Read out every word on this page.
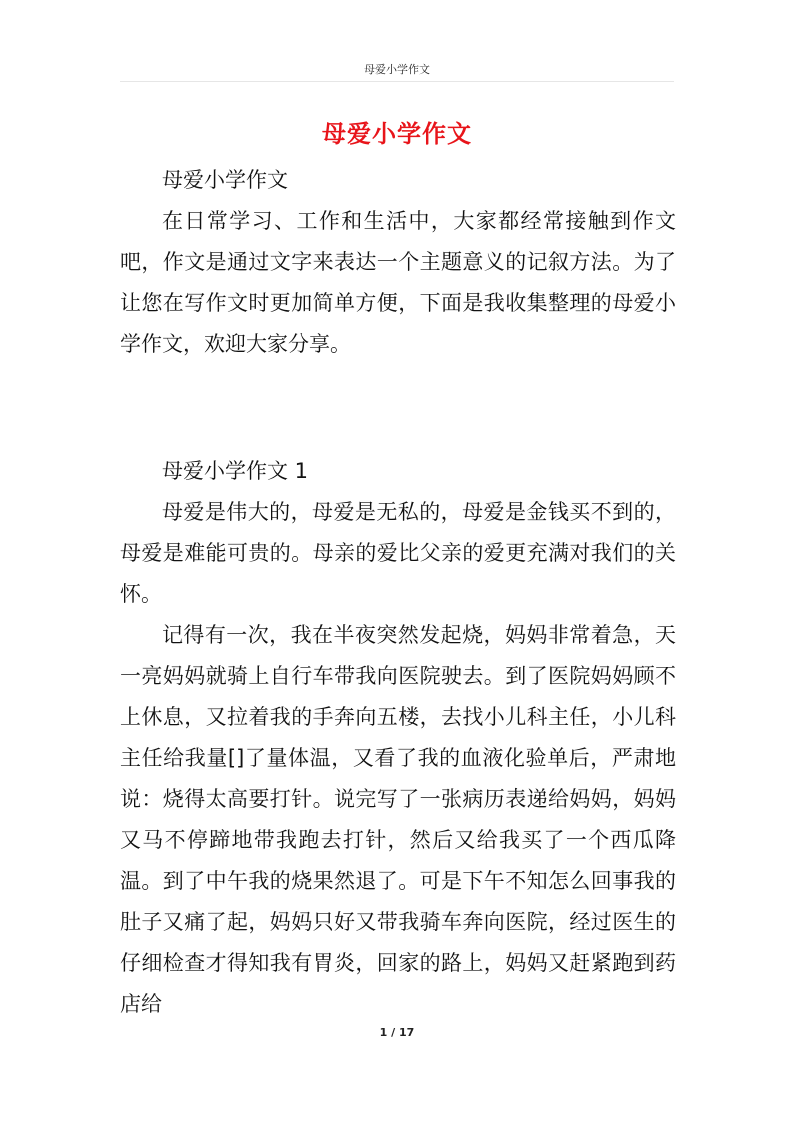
母爱小学作文
母爱小学作文

母爱小学作文

在日常学习、工作和生活中，大家都经常接触到作文吧，作文是通过文字来表达一个主题意义的记叙方法。为了让您在写作文时更加简单方便，下面是我收集整理的母爱小学作文，欢迎大家分享。

母爱小学作文 1

母爱是伟大的，母爱是无私的，母爱是金钱买不到的，母爱是难能可贵的。母亲的爱比父亲的爱更充满对我们的关怀。

记得有一次，我在半夜突然发起烧，妈妈非常着急，天一亮妈妈就骑上自行车带我向医院驶去。到了医院妈妈顾不上休息，又拉着我的手奔向五楼，去找小儿科主任，小儿科主任给我量[]了量体温，又看了我的血液化验单后，严肃地说：烧得太高要打针。说完写了一张病历表递给妈妈，妈妈又马不停蹄地带我跑去打针，然后又给我买了一个西瓜降温。到了中午我的烧果然退了。可是下午不知怎么回事我的肚子又痛了起，妈妈只好又带我骑车奔向医院，经过医生的仔细检查才得知我有胃炎，回家的路上，妈妈又赶紧跑到药店给

1 / 17
